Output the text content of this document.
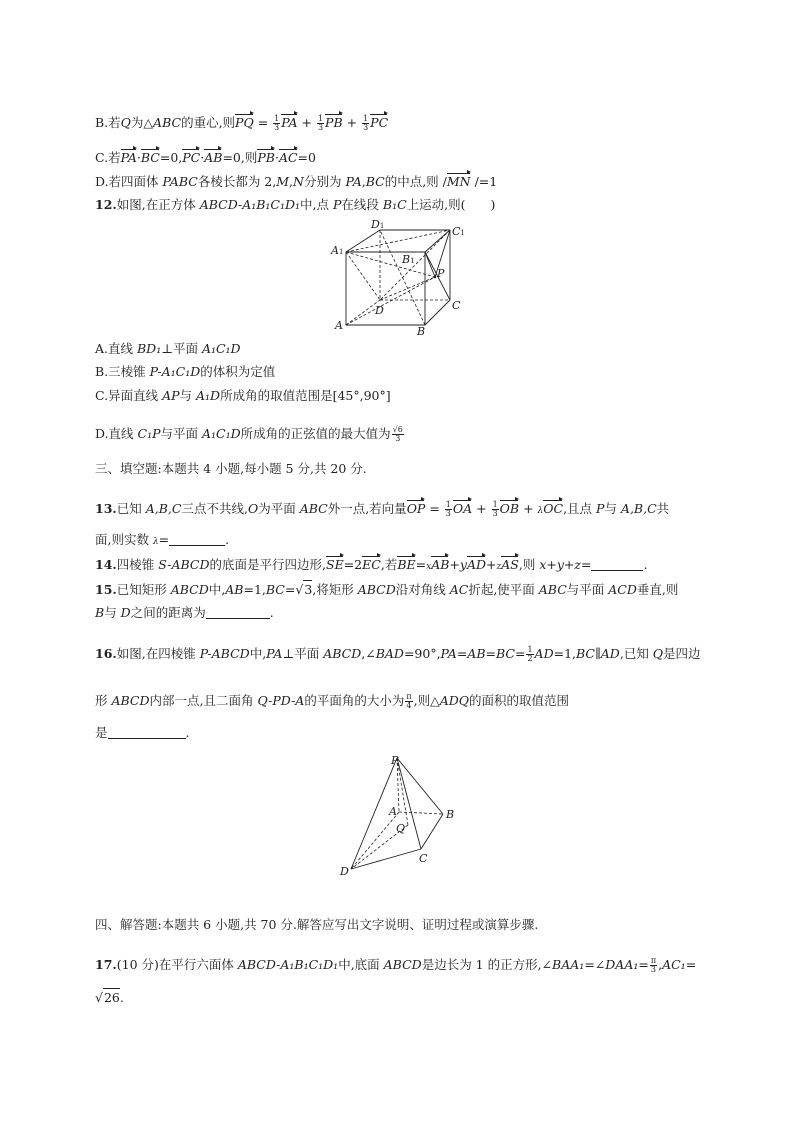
B.若Q为△ABC的重心,则PQ = $\frac{1}{3}$ PA + $\frac{1}{3}$ PB + $\frac{1}{3}$ PC
C.若PA·BC=0,PC·AB=0,则PB·AC=0
D.若四面体 PABC各棱长都为 2,M,N分别为 PA,BC的中点,则 /MN /=1
12.如图,在正方体 ABCD-A₁B₁C₁D₁中,点 P在线段 B₁C上运动,则(　　)
D1
A1
B1
C1
P
D	C
A	B
A.直线 BD₁⊥平面 A₁C₁D
B.三棱锥 P-A₁C₁D的体积为定值
C.异面直线 AP与 A₁D所成角的取值范围是[45°,90°]
D.直线 C₁P与平面 A₁C₁D所成角的正弦值的最大值为 $\frac{√6}{3}$
三、填空题:本题共 4 小题,每小题 5 分,共 20 分.
13.已知 A,B,C三点不共线,O为平面 ABC外一点,若向量OP = $\frac{1}{3}$ OA + $\frac{1}{3}$ OB + λOC,且点 P与 A,B,C共
面,则实数 λ=	.
14.四棱锥 S-ABCD的底面是平行四边形,SE=2EC,若BE=xAB+yAD+zAS,则 x+y+z=	.
15.已知矩形 ABCD中,AB=1,BC=√3,将矩形 ABCD沿对角线 AC折起,使平面 ABC与平面 ACD垂直,则
B与 D之间的距离为	.
16.如图,在四棱锥 P-ABCD中,PA⊥平面 ABCD,∠BAD=90°,PA=AB=BC= $\frac{1}{2}$ AD=1,BC∥AD,已知 Q是四边
形 ABCD内部一点,且二面角 Q-PD-A的平面角的大小为 $\frac{\pi}{4}$ ,则△ADQ的面积的取值范围
是	.
P
A
Q
B
C
D
四、解答题:本题共 6 小题,共 70 分.解答应写出文字说明、证明过程或演算步骤.
17.(10 分)在平行六面体 ABCD-A₁B₁C₁D₁中,底面 ABCD是边长为 1 的正方形,∠BAA₁=∠DAA₁= $\frac{\pi}{3} ,AC_1=$
√26.
